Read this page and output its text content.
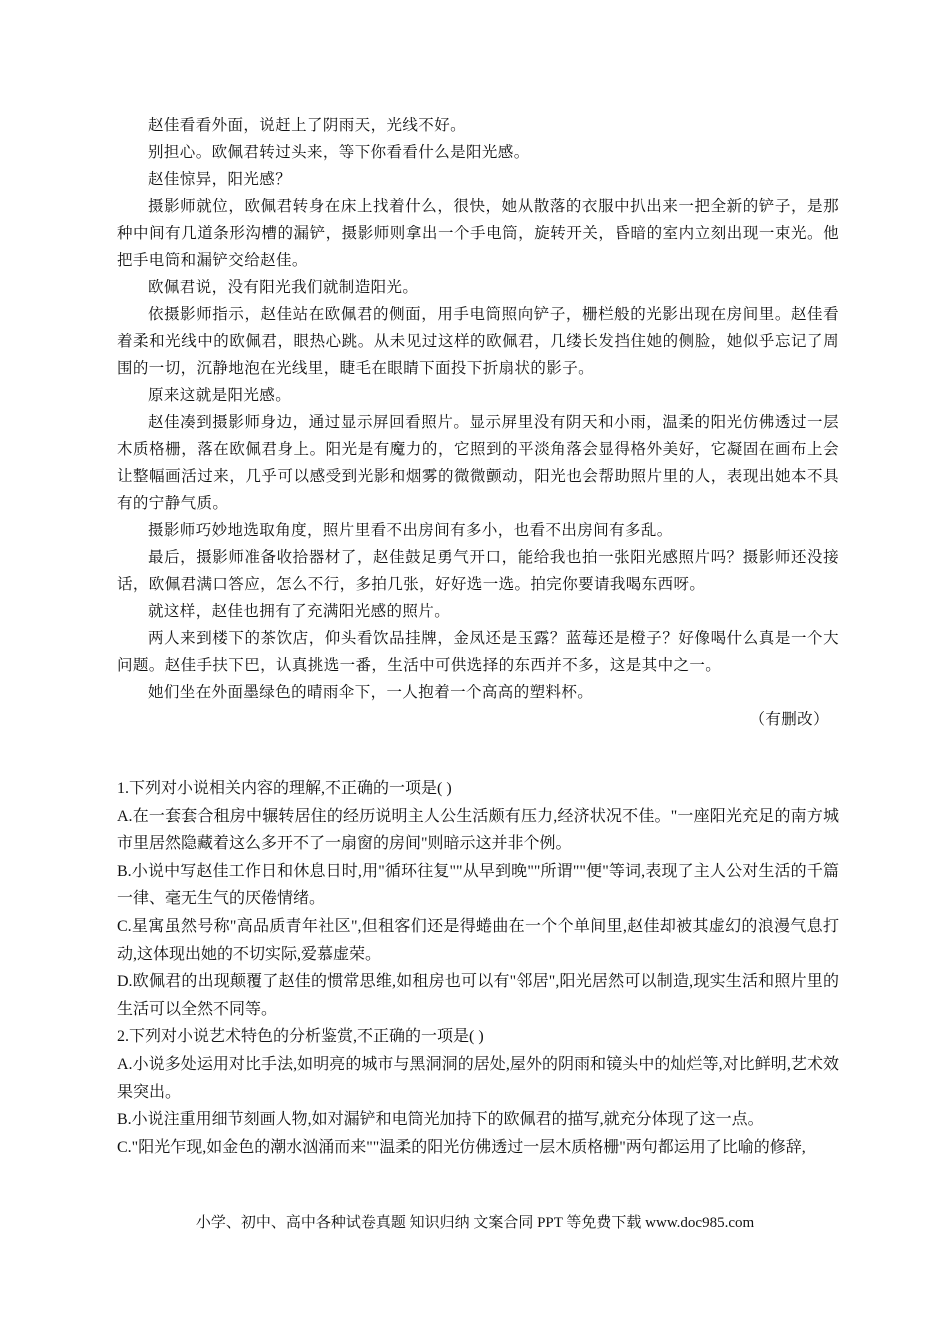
赵佳看看外面，说赶上了阴雨天，光线不好。

别担心。欧佩君转过头来，等下你看看什么是阳光感。

赵佳惊异，阳光感？

摄影师就位，欧佩君转身在床上找着什么，很快，她从散落的衣服中扒出来一把全新的铲子，是那种中间有几道条形沟槽的漏铲，摄影师则拿出一个手电筒，旋转开关，昏暗的室内立刻出现一束光。他把手电筒和漏铲交给赵佳。

欧佩君说，没有阳光我们就制造阳光。

依摄影师指示，赵佳站在欧佩君的侧面，用手电筒照向铲子，栅栏般的光影出现在房间里。赵佳看着柔和光线中的欧佩君，眼热心跳。从未见过这样的欧佩君，几缕长发挡住她的侧脸，她似乎忘记了周围的一切，沉静地泡在光线里，睫毛在眼睛下面投下折扇状的影子。

原来这就是阳光感。

赵佳凑到摄影师身边，通过显示屏回看照片。显示屏里没有阴天和小雨，温柔的阳光仿佛透过一层木质格栅，落在欧佩君身上。阳光是有魔力的，它照到的平淡角落会显得格外美好，它凝固在画布上会让整幅画活过来，几乎可以感受到光影和烟雾的微微颤动，阳光也会帮助照片里的人，表现出她本不具有的宁静气质。

摄影师巧妙地选取角度，照片里看不出房间有多小，也看不出房间有多乱。

最后，摄影师准备收拾器材了，赵佳鼓足勇气开口，能给我也拍一张阳光感照片吗？摄影师还没接话，欧佩君满口答应，怎么不行，多拍几张，好好选一选。拍完你要请我喝东西呀。

就这样，赵佳也拥有了充满阳光感的照片。

两人来到楼下的茶饮店，仰头看饮品挂牌，金凤还是玉露？蓝莓还是橙子？好像喝什么真是一个大问题。赵佳手扶下巴，认真挑选一番，生活中可供选择的东西并不多，这是其中之一。

她们坐在外面墨绿色的晴雨伞下，一人抱着一个高高的塑料杯。

（有删改）

1.下列对小说相关内容的理解,不正确的一项是( )

A.在一套套合租房中辗转居住的经历说明主人公生活颇有压力,经济状况不佳。"一座阳光充足的南方城市里居然隐藏着这么多开不了一扇窗的房间"则暗示这并非个例。

B.小说中写赵佳工作日和休息日时,用"循环往复""从早到晚""所谓""便"等词,表现了主人公对生活的千篇一律、毫无生气的厌倦情绪。

C.星寓虽然号称"高品质青年社区",但租客们还是得蜷曲在一个个单间里,赵佳却被其虚幻的浪漫气息打动,这体现出她的不切实际,爱慕虚荣。

D.欧佩君的出现颠覆了赵佳的惯常思维,如租房也可以有"邻居",阳光居然可以制造,现实生活和照片里的生活可以全然不同等。

2.下列对小说艺术特色的分析鉴赏,不正确的一项是( )

A.小说多处运用对比手法,如明亮的城市与黑洞洞的居处,屋外的阴雨和镜头中的灿烂等,对比鲜明,艺术效果突出。

B.小说注重用细节刻画人物,如对漏铲和电筒光加持下的欧佩君的描写,就充分体现了这一点。

C."阳光乍现,如金色的潮水汹涌而来""温柔的阳光仿佛透过一层木质格栅"两句都运用了比喻的修辞,

小学、初中、高中各种试卷真题 知识归纳 文案合同 PPT 等免费下载 www.doc985.com
